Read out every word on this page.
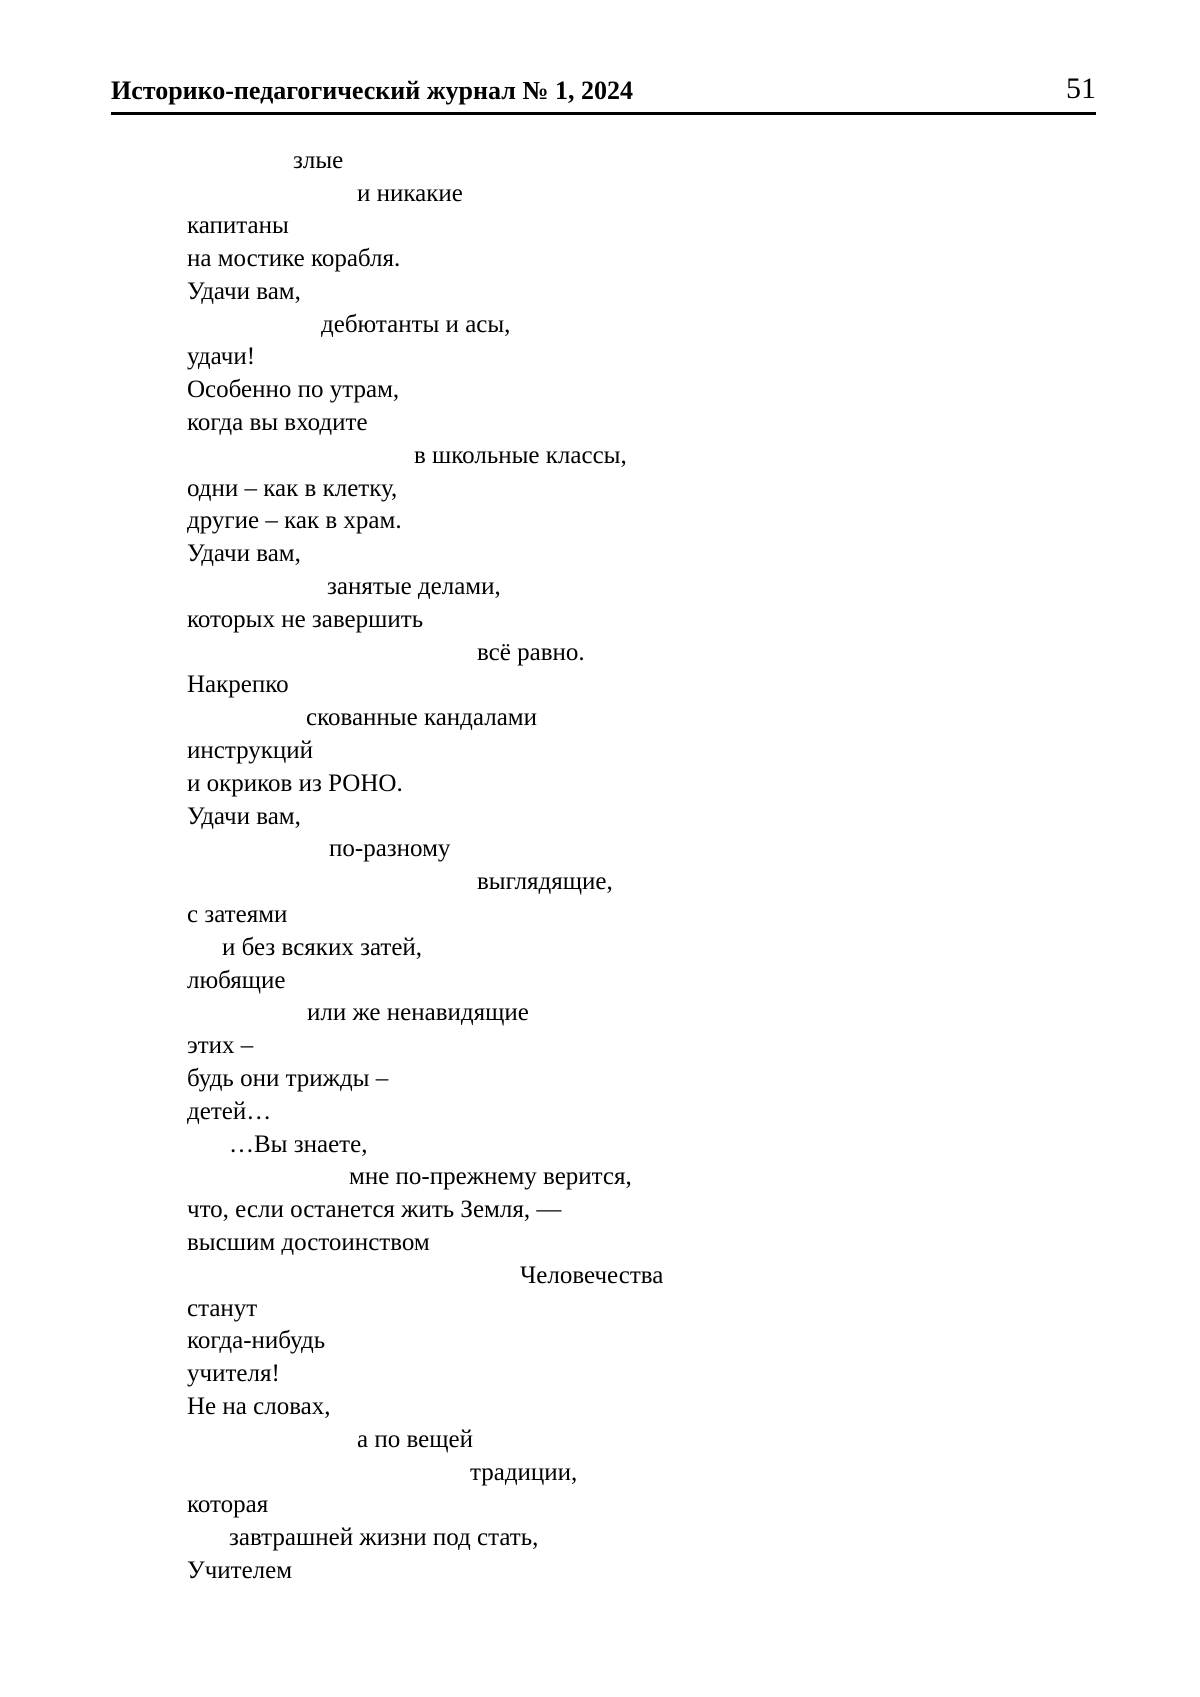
Историко-педагогический журнал № 1, 2024	51
злые
и никакие
капитаны
на мостике корабля.
Удачи вам,
дебютанты и асы,
удачи!
Особенно по утрам,
когда вы входите
в школьные классы,
одни – как в клетку,
другие – как в храм.
Удачи вам,
занятые делами,
которых не завершить
всё равно.
Накрепко
скованные кандалами
инструкций
и окриков из РОНО.
Удачи вам,
по-разному
выглядящие,
с затеями
и без всяких затей,
любящие
или же ненавидящие
этих –
будь они трижды –
детей…
…Вы знаете,
мне по-прежнему верится,
что, если останется жить Земля, —
высшим достоинством
Человечества
станут
когда-нибудь
учителя!
Не на словах,
а по вещей
традиции,
которая
завтрашней жизни под стать,
Учителем
